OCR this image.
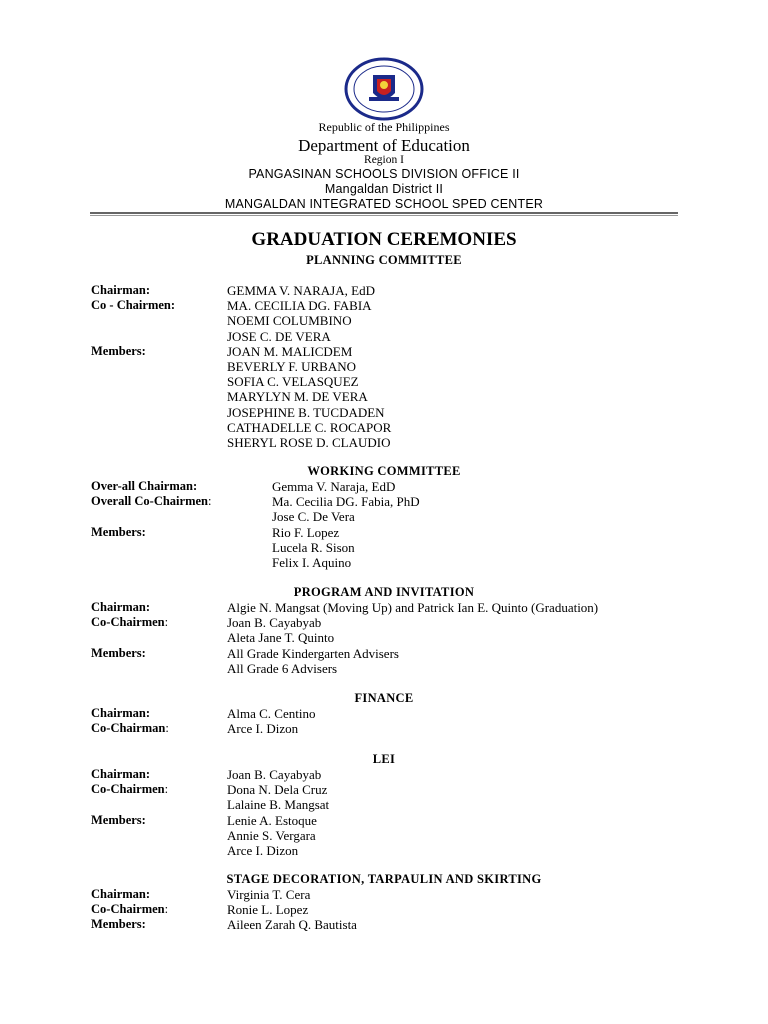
Republic of the Philippines
Department of Education
Region I
PANGASINAN SCHOOLS DIVISION OFFICE II
Mangaldan District II
MANGALDAN INTEGRATED SCHOOL SPED CENTER
GRADUATION CEREMONIES
PLANNING COMMITTEE
Chairman:	GEMMA V. NARAJA, EdD
Co - Chairmen:	MA. CECILIA DG. FABIA
NOEMI COLUMBINO
JOSE C. DE VERA
Members:	JOAN M. MALICDEM
BEVERLY F. URBANO
SOFIA C. VELASQUEZ
MARYLYN M. DE VERA
JOSEPHINE B. TUCDADEN
CATHADELLE C. ROCAPOR
SHERYL ROSE D. CLAUDIO
WORKING COMMITTEE
Over-all Chairman:	Gemma V. Naraja, EdD
Overall Co-Chairmen:	Ma. Cecilia DG. Fabia, PhD
Jose C. De Vera
Members:	Rio F. Lopez
Lucela R. Sison
Felix I. Aquino
PROGRAM AND INVITATION
Chairman:	Algie N. Mangsat (Moving Up) and Patrick Ian E. Quinto (Graduation)
Co-Chairmen:	Joan B. Cayabyab
Aleta Jane T. Quinto
Members:	All Grade Kindergarten Advisers
All Grade 6 Advisers
FINANCE
Chairman:	Alma C. Centino
Co-Chairman:	Arce I. Dizon
LEI
Chairman:	Joan B. Cayabyab
Co-Chairmen:	Dona N. Dela Cruz
Lalaine B. Mangsat
Members:	Lenie A. Estoque
Annie S. Vergara
Arce I. Dizon
STAGE DECORATION, TARPAULIN AND SKIRTING
Chairman:	Virginia T. Cera
Co-Chairmen:	Ronie L. Lopez
Members:	Aileen Zarah Q. Bautista
